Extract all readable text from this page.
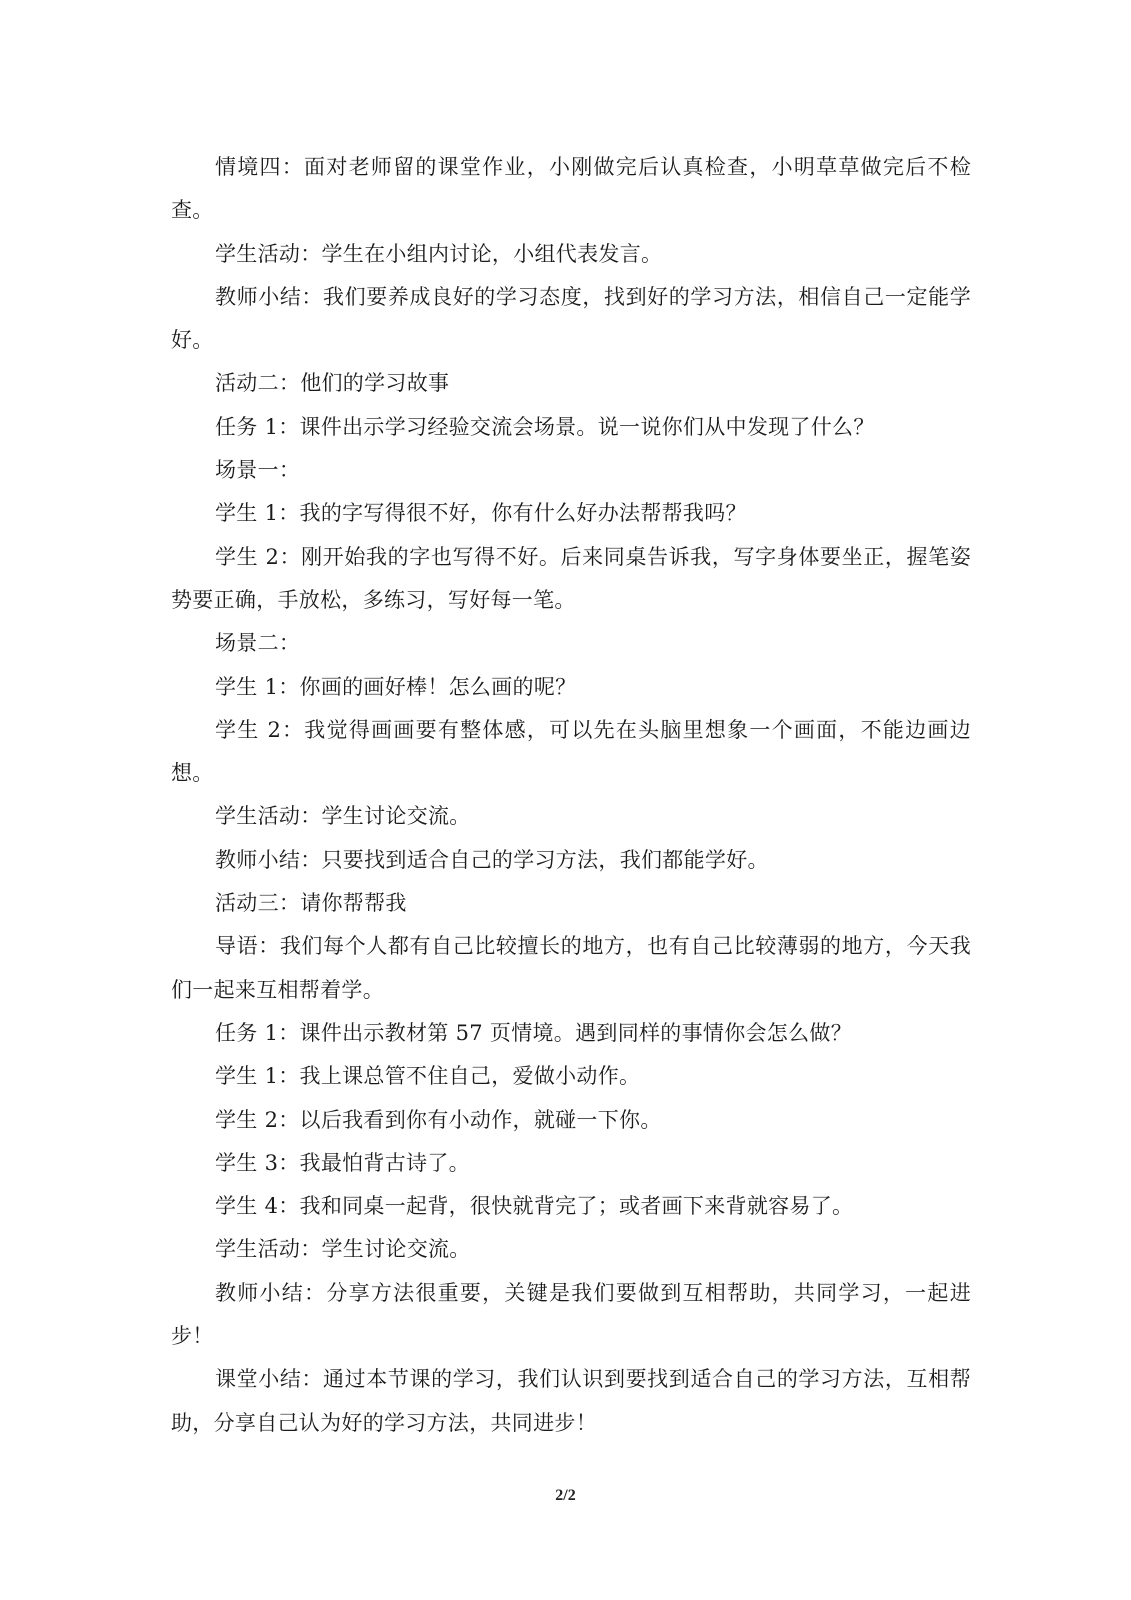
情境四：面对老师留的课堂作业，小刚做完后认真检查，小明草草做完后不检查。

学生活动：学生在小组内讨论，小组代表发言。

教师小结：我们要养成良好的学习态度，找到好的学习方法，相信自己一定能学好。

活动二：他们的学习故事

任务 1：课件出示学习经验交流会场景。说一说你们从中发现了什么？

场景一：

学生 1：我的字写得很不好，你有什么好办法帮帮我吗？

学生 2：刚开始我的字也写得不好。后来同桌告诉我，写字身体要坐正，握笔姿势要正确，手放松，多练习，写好每一笔。

场景二：

学生 1：你画的画好棒！怎么画的呢？

学生 2：我觉得画画要有整体感，可以先在头脑里想象一个画面，不能边画边想。

学生活动：学生讨论交流。

教师小结：只要找到适合自己的学习方法，我们都能学好。

活动三：请你帮帮我

导语：我们每个人都有自己比较擅长的地方，也有自己比较薄弱的地方，今天我们一起来互相帮着学。

任务 1：课件出示教材第 57 页情境。遇到同样的事情你会怎么做？

学生 1：我上课总管不住自己，爱做小动作。

学生 2：以后我看到你有小动作，就碰一下你。

学生 3：我最怕背古诗了。

学生 4：我和同桌一起背，很快就背完了；或者画下来背就容易了。

学生活动：学生讨论交流。

教师小结：分享方法很重要，关键是我们要做到互相帮助，共同学习，一起进步！

课堂小结：通过本节课的学习，我们认识到要找到适合自己的学习方法，互相帮助，分享自己认为好的学习方法，共同进步！

2/2
